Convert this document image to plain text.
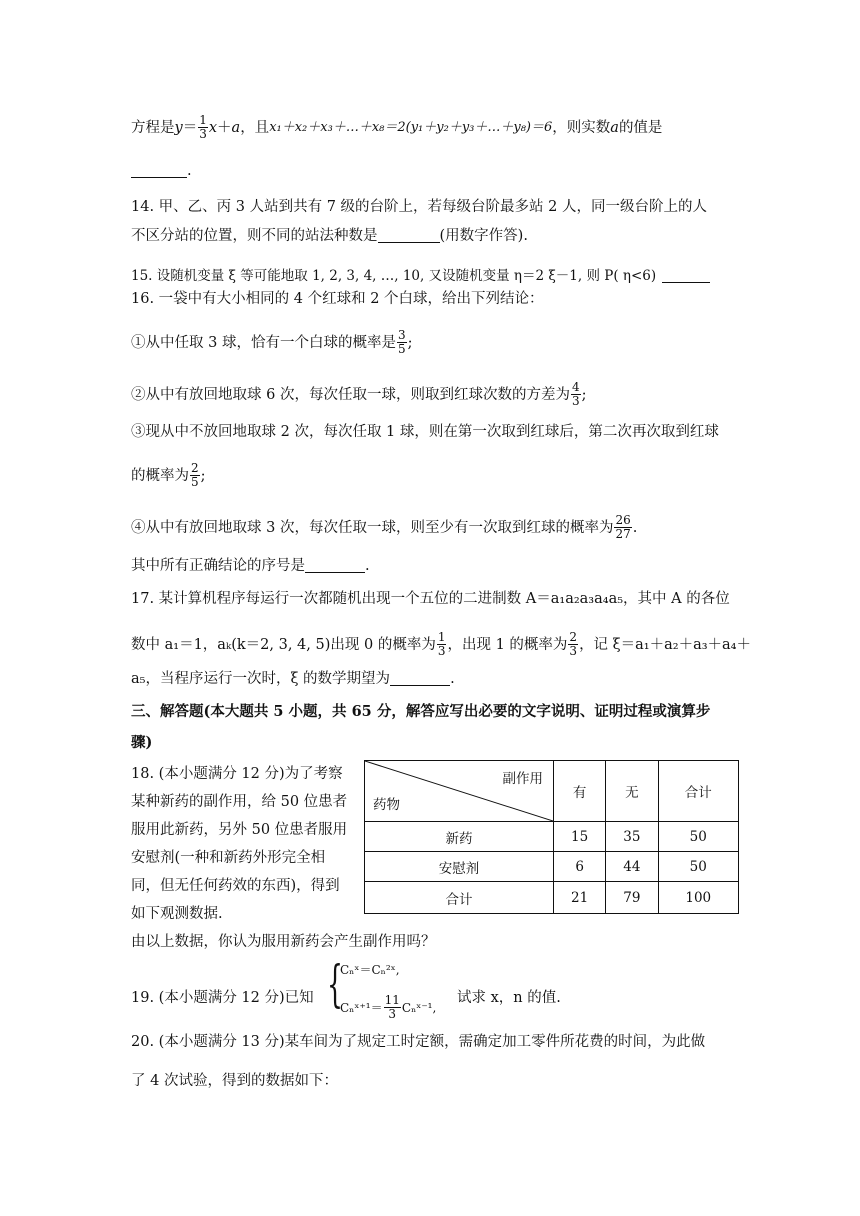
方程是 $y = \frac{1}{3}$ x ＋ a ，且 x₁＋x₂＋x₃＋…＋x₈＝2(y₁＋y₂＋y₃＋…＋y₈)＝6 ，则实数 a 的值是
.
14. 甲、乙、丙 3 人站到共有 7 级的台阶上，若每级台阶最多站 2 人，同一级台阶上的人
不区分站的位置，则不同的站法种数是	(用数字作答).
15. 设随机变量 ξ 等可能地取 1, 2, 3, 4, …, 10, 又设随机变量 η＝2 ξ－1, 则 P( η<6)
16. 一袋中有大小相同的 4 个红球和 2 个白球，给出下列结论：
①从中任取 3 球，恰有一个白球的概率是 $\frac{3}{5}$ ;
②从中有放回地取球 6 次，每次任取一球，则取到红球次数的方差为 $\frac{4}{3}$ ;
③现从中不放回地取球 2 次，每次任取 1 球，则在第一次取到红球后，第二次再次取到红球
的概率为 $\frac{2}{5}$ ;
④从中有放回地取球 3 次，每次任取一球，则至少有一次取到红球的概率为 $\frac{26}{27}$ .
其中所有正确结论的序号是	.
17. 某计算机程序每运行一次都随机出现一个五位的二进制数 A＝a₁a₂a₃a₄a₅，其中 A 的各位
数中 a₁＝1，aₖ(k＝2, 3, 4, 5)出现 0 的概率为 $\frac{1}{3}$ ，出现 1 的概率为 $\frac{2}{3}$ ，记 ξ＝a₁＋a₂＋a₃＋a₄＋
a₅，当程序运行一次时，ξ 的数学期望为	.
三、解答题(本大题共 5 小题，共 65 分，解答应写出必要的文字说明、证明过程或演算步
骤)
18. (本小题满分 12 分)为了考察
某种新药的副作用，给 50 位患者
服用此新药，另外 50 位患者服用
安慰剂(一种和新药外形完全相
同，但无任何药效的东西)，得到
如下观测数据.
副作用
药物	有	无	合计
新药	15	35	50
安慰剂	6	44	50
合计	21	79	100
由以上数据，你认为服用新药会产生副作用吗？
19. (本小题满分 12 分)已知 {
Cₙˣ＝Cₙ²ˣ,
Cₙˣ⁺¹＝ $\frac{11}{3}$ Cₙˣ⁻¹,
试求 x，n 的值.
20. (本小题满分 13 分)某车间为了规定工时定额，需确定加工零件所花费的时间，为此做
了 4 次试验，得到的数据如下：
